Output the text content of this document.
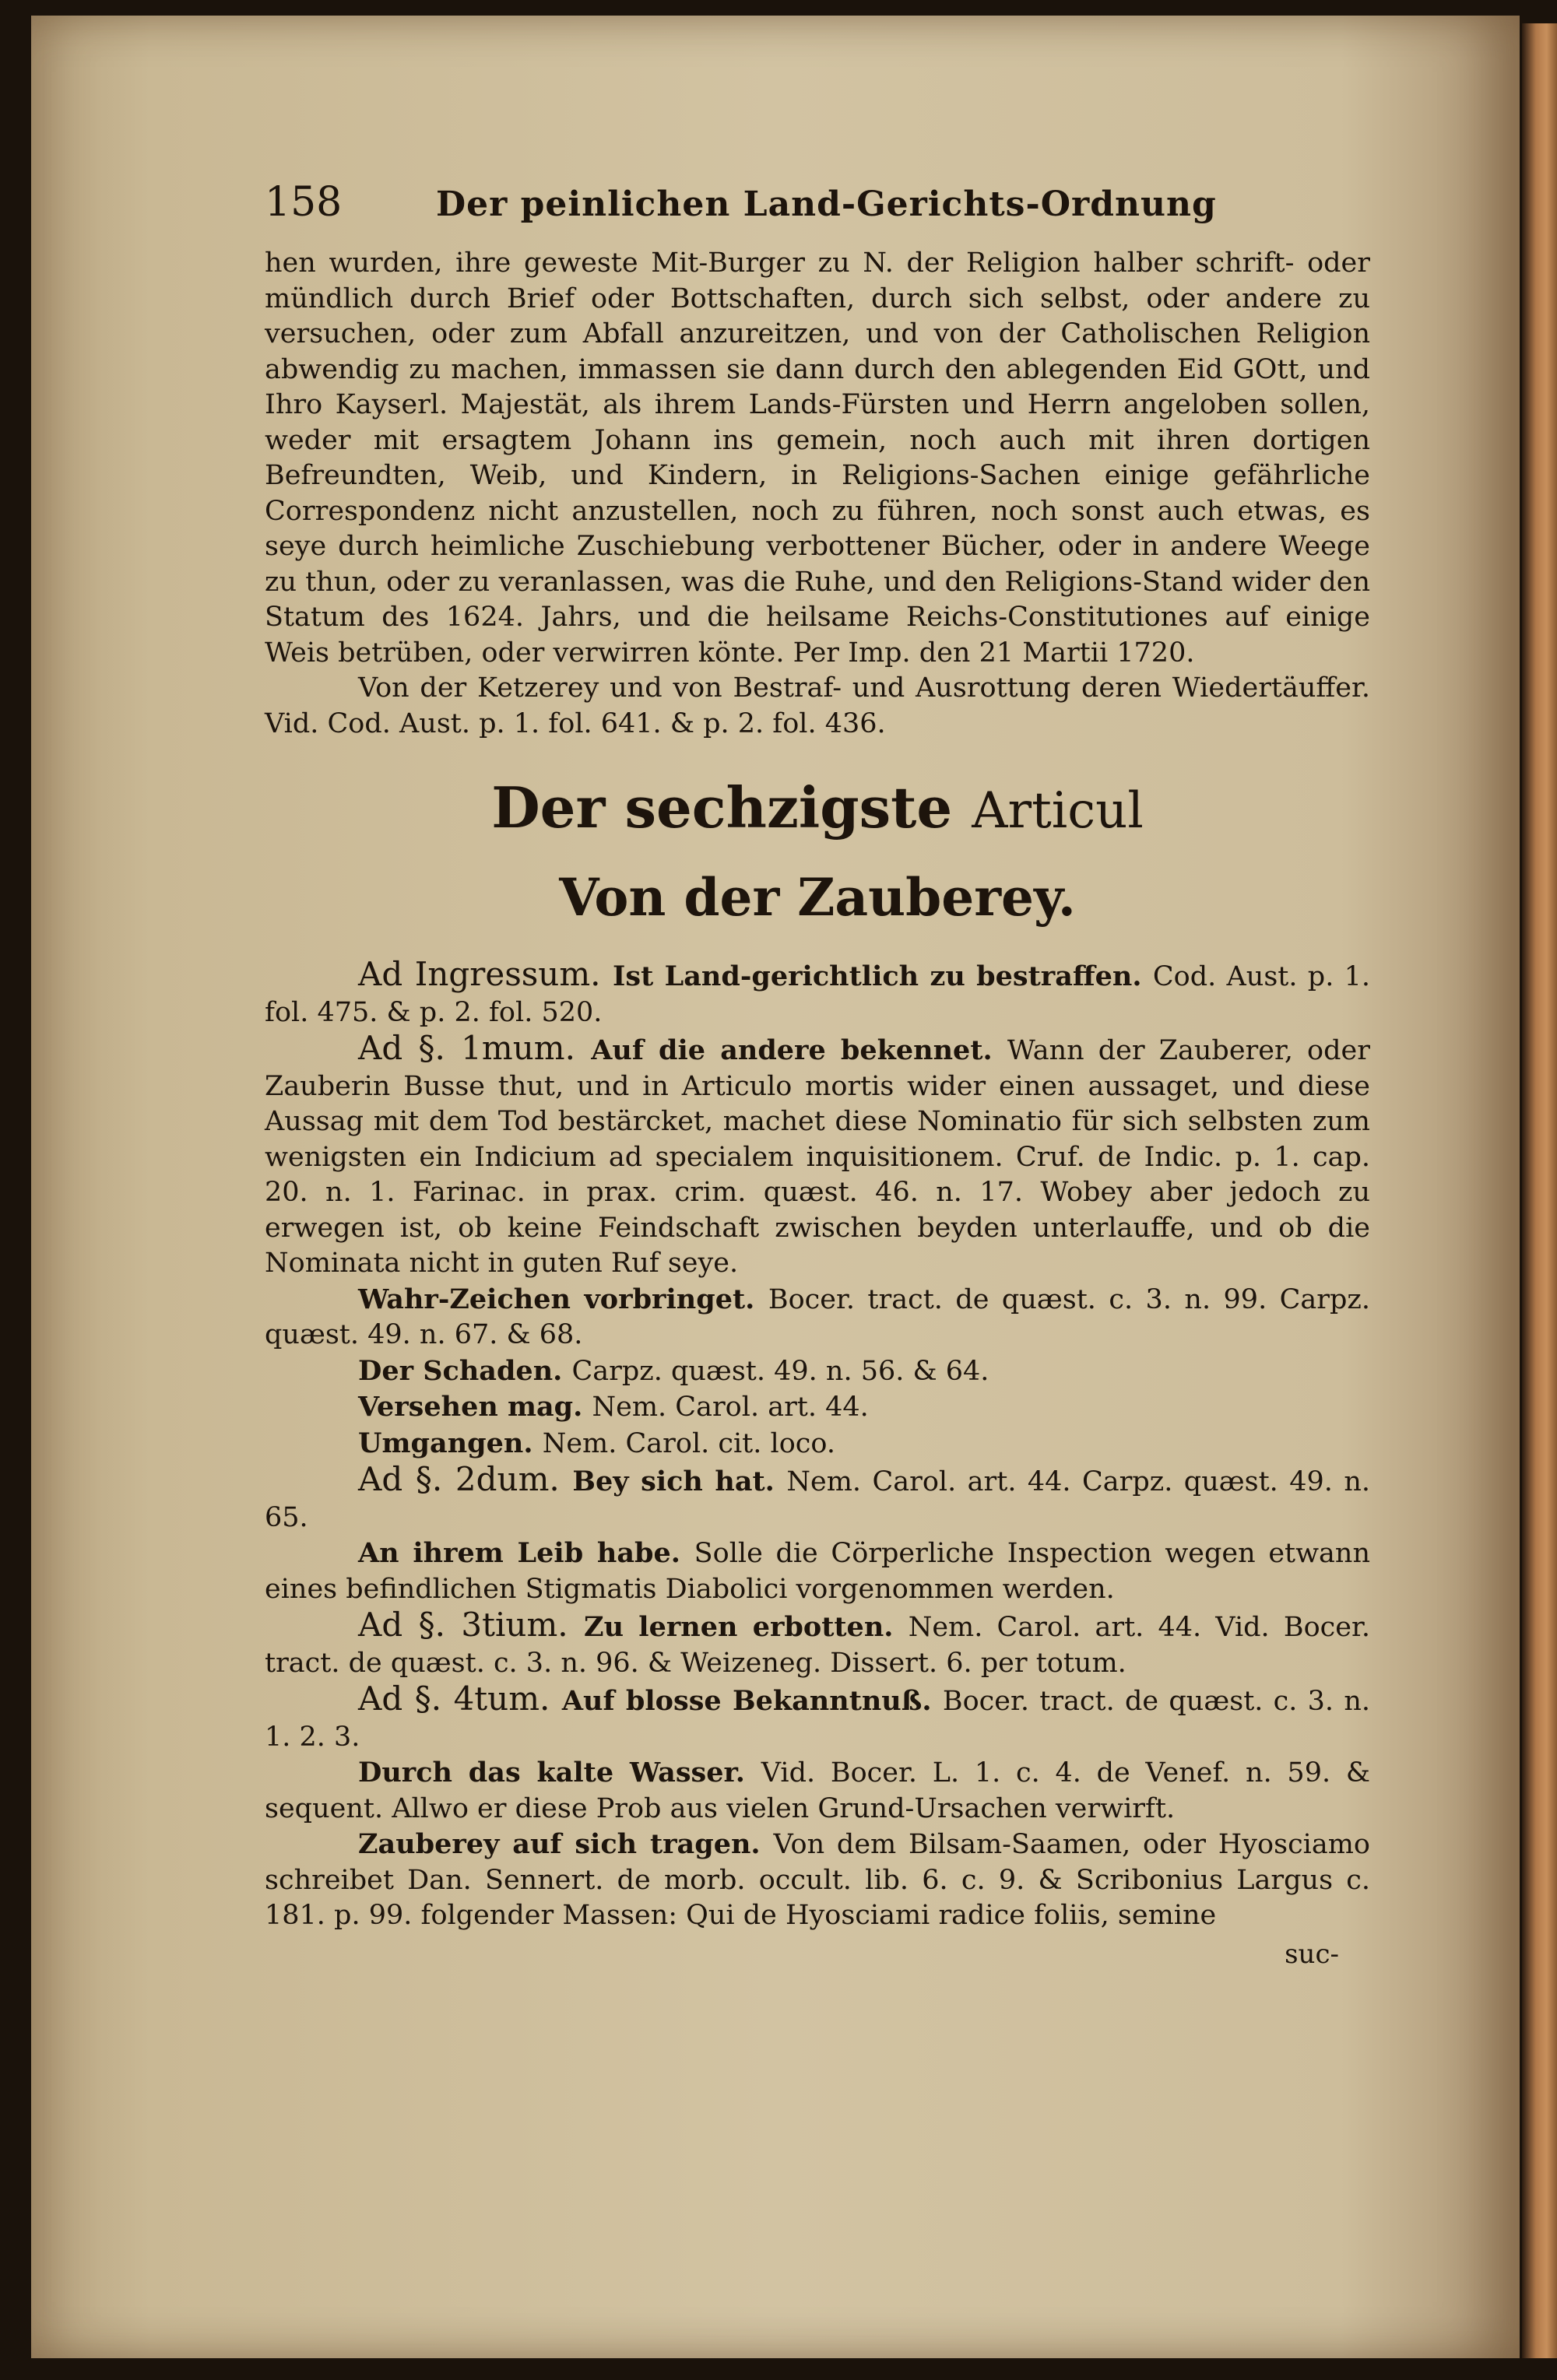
158	Der peinlichen Land-Gerichts-Ordnung

hen wurden, ihre geweste Mit-Burger zu N. der Religion halber schrift- oder mündlich durch Brief oder Bottschaften, durch sich selbst, oder andere zu versuchen, oder zum Abfall anzureitzen, und von der Catholischen Religion abwendig zu machen, immassen sie dann durch den ablegenden Eid GOtt, und Ihro Kayserl. Majestät, als ihrem Lands-Fürsten und Herrn angeloben sollen, weder mit ersagtem Johann ins gemein, noch auch mit ihren dortigen Befreundten, Weib, und Kindern, in Religions-Sachen einige gefährliche Correspondenz nicht anzustellen, noch zu führen, noch sonst auch etwas, es seye durch heimliche Zuschiebung verbottener Bücher, oder in andere Weege zu thun, oder zu veranlassen, was die Ruhe, und den Religions-Stand wider den Statum des 1624. Jahrs, und die heilsame Reichs-Constitutiones auf einige Weis betrüben, oder verwirren könte. Per Imp. den 21 Martii 1720.

Von der Ketzerey und von Bestraf- und Ausrottung deren Wiedertäuffer. Vid. Cod. Aust. p. 1. fol. 641. & p. 2. fol. 436.

Der sechzigste Articul
Von der Zauberey.

Ad Ingressum. Ist Land-gerichtlich zu bestraffen. Cod. Aust. p. 1. fol. 475. & p. 2. fol. 520.

Ad §. 1mum. Auf die andere bekennet. Wann der Zauberer, oder Zauberin Busse thut, und in Articulo mortis wider einen aussaget, und diese Aussag mit dem Tod bestärcket, machet diese Nominatio für sich selbsten zum wenigsten ein Indicium ad specialem inquisitionem. Cruf. de Indic. p. 1. cap. 20. n. 1. Farinac. in prax. crim. quæst. 46. n. 17. Wobey aber jedoch zu erwegen ist, ob keine Feindschaft zwischen beyden unterlauffe, und ob die Nominata nicht in guten Ruf seye.

Wahr-Zeichen vorbringet. Bocer. tract. de quæst. c. 3. n. 99. Carpz. quæst. 49. n. 67. & 68.

Der Schaden. Carpz. quæst. 49. n. 56. & 64.

Versehen mag. Nem. Carol. art. 44.

Umgangen. Nem. Carol. cit. loco.

Ad §. 2dum. Bey sich hat. Nem. Carol. art. 44. Carpz. quæst. 49. n. 65.

An ihrem Leib habe. Solle die Cörperliche Inspection wegen etwann eines befindlichen Stigmatis Diabolici vorgenommen werden.

Ad §. 3tium. Zu lernen erbotten. Nem. Carol. art. 44. Vid. Bocer. tract. de quæst. c. 3. n. 96. & Weizeneg. Dissert. 6. per totum.

Ad §. 4tum. Auf blosse Bekanntnuß. Bocer. tract. de quæst. c. 3. n. 1. 2. 3.

Durch das kalte Wasser. Vid. Bocer. L. 1. c. 4. de Venef. n. 59. & sequent. Allwo er diese Prob aus vielen Grund-Ursachen verwirft.

Zauberey auf sich tragen. Von dem Bilsam-Saamen, oder Hyosciamo schreibet Dan. Sennert. de morb. occult. lib. 6. c. 9. & Scribonius Largus c. 181. p. 99. folgender Massen: Qui de Hyosciami radice foliis, semine

suc-
